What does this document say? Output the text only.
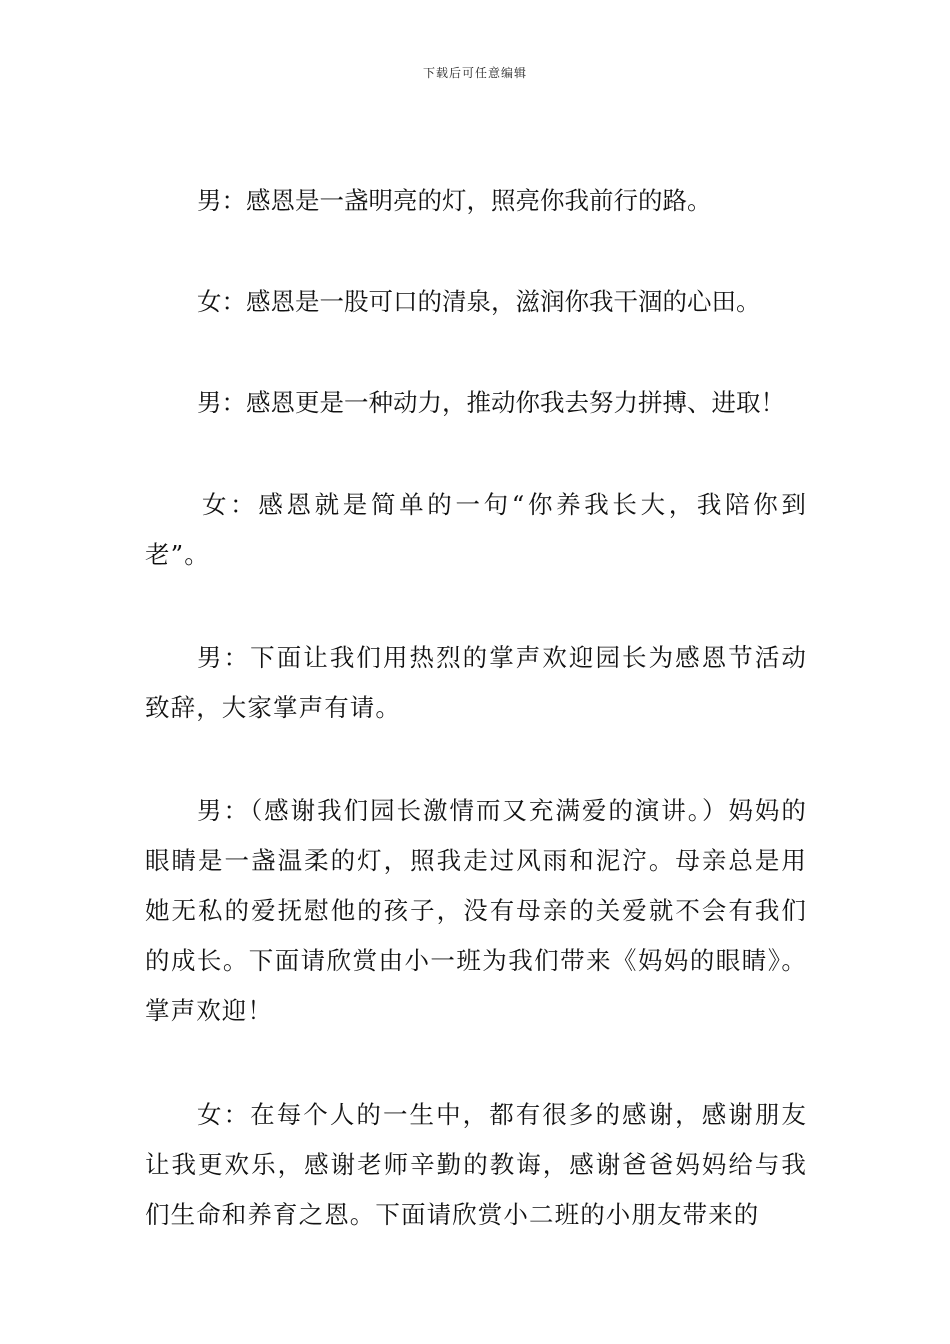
下载后可任意编辑

男：感恩是一盏明亮的灯，照亮你我前行的路。

女：感恩是一股可口的清泉，滋润你我干涸的心田。

男：感恩更是一种动力，推动你我去努力拼搏、进取！

女：感恩就是简单的一句“你养我长大，我陪你到老”。

男：下面让我们用热烈的掌声欢迎园长为感恩节活动致辞，大家掌声有请。

男：（感谢我们园长激情而又充满爱的演讲。）妈妈的眼睛是一盏温柔的灯，照我走过风雨和泥泞。母亲总是用她无私的爱抚慰他的孩子，没有母亲的关爱就不会有我们的成长。下面请欣赏由小一班为我们带来《妈妈的眼睛》。掌声欢迎！

女：在每个人的一生中，都有很多的感谢，感谢朋友让我更欢乐，感谢老师辛勤的教诲，感谢爸爸妈妈给与我们生命和养育之恩。下面请欣赏小二班的小朋友带来的
